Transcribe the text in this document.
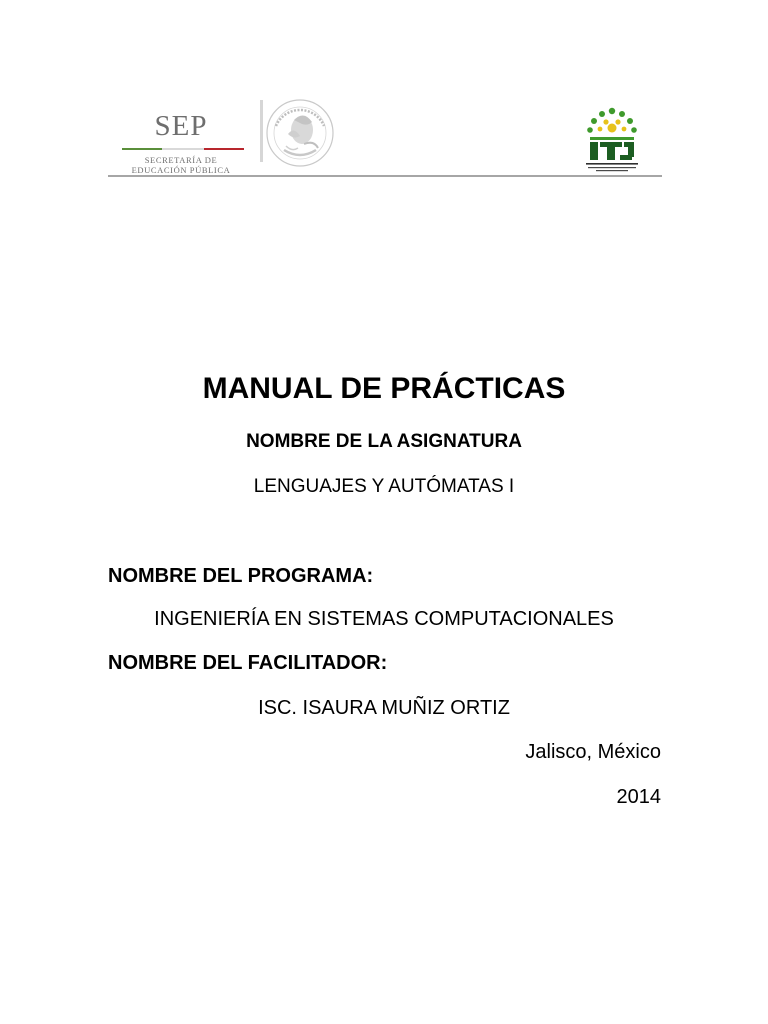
SEP
SECRETARÍA DE
EDUCACIÓN PÚBLICA
MANUAL DE PRÁCTICAS
NOMBRE DE LA ASIGNATURA
LENGUAJES Y AUTÓMATAS I
NOMBRE DEL PROGRAMA:
INGENIERÍA EN SISTEMAS COMPUTACIONALES
NOMBRE DEL FACILITADOR:
ISC. ISAURA MUÑIZ ORTIZ
Jalisco, México
2014
